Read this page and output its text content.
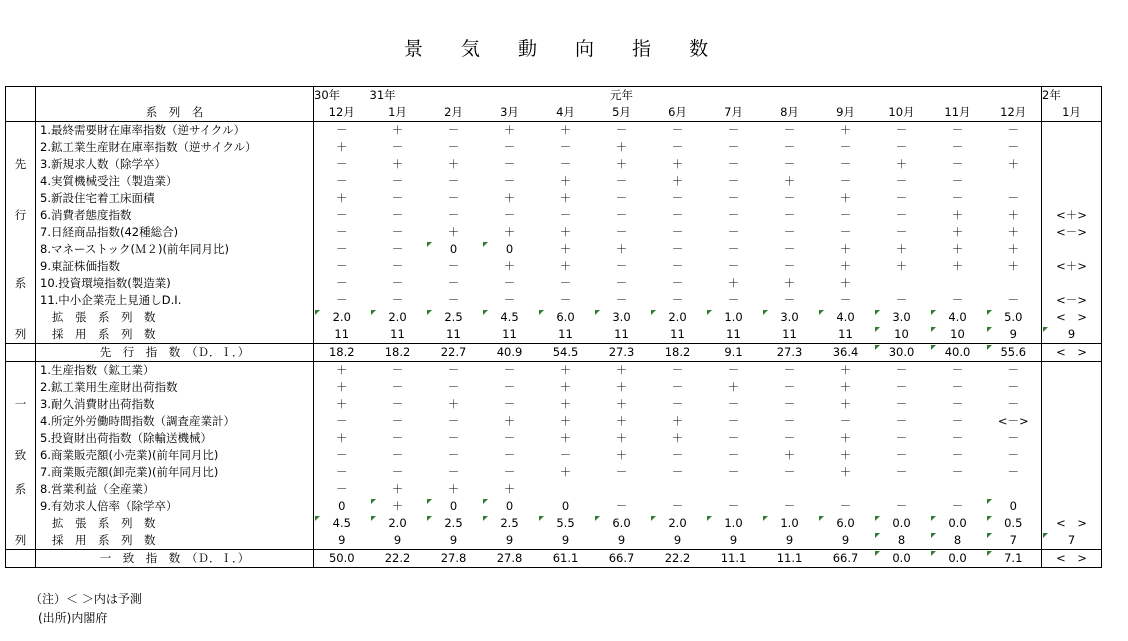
景 気 動 向 指 数
		30年	31年				元年								2年
	系　列　名	12月	1月	2月	3月	4月	5月	6月	7月	8月	9月	10月	11月	12月	1月
	1.最終需要財在庫率指数（逆サイクル）	－	＋	－	＋	＋	－	－	－	－	＋	－	－	－	
	2.鉱工業生産財在庫率指数（逆サイクル）	＋	－	－	－	－	＋	－	－	－	－	－	－	－	
先	3.新規求人数（除学卒）	－	＋	＋	－	－	＋	＋	－	－	－	＋	－	＋	
	4.実質機械受注（製造業）	－	－	－	－	＋	－	＋	－	＋	－	－	－		
	5.新設住宅着工床面積	＋	－	－	＋	＋	－	－	－	－	＋	－	－	－	
行	6.消費者態度指数	－	－	－	－	－	－	－	－	－	－	－	＋	＋	<＋>
	7.日経商品指数(42種総合)	－	－	＋	＋	＋	－	－	－	－	－	－	＋	＋	<－>
	8.マネーストック(Ｍ２)(前年同月比)	－	－	0	0	＋	＋	－	－	－	＋	＋	＋	＋	
	9.東証株価指数	－	－	－	＋	＋	－	－	－	－	＋	＋	＋	＋	<＋>
系	10.投資環境指数(製造業)	－	－	－	－	－	－	－	＋	＋	＋				
	11.中小企業売上見通しD.I.	－	－	－	－	－	－	－	－	－	－	－	－	－	<－>
	拡　張　系　列　数	2.0	2.0	2.5	4.5	6.0	3.0	2.0	1.0	3.0	4.0	3.0	4.0	5.0	<　>
列	採　用　系　列　数	11	11	11	11	11	11	11	11	11	11	10	10	9	9
	先　行　指　数　（Ｄ．Ｉ．）	18.2	18.2	22.7	40.9	54.5	27.3	18.2	9.1	27.3	36.4	30.0	40.0	55.6	<　>
	1.生産指数（鉱工業）	＋	－	－	－	＋	＋	－	－	－	＋	－	－	－	
	2.鉱工業用生産財出荷指数	＋	－	－	－	＋	＋	－	＋	－	＋	－	－	－	
一	3.耐久消費財出荷指数	＋	－	＋	－	＋	＋	－	－	－	＋	－	－	－	
	4.所定外労働時間指数（調査産業計）	－	－	－	＋	＋	＋	＋	－	－	－	－	－	<－>	
	5.投資財出荷指数（除輸送機械）	＋	－	－	－	＋	＋	＋	－	－	＋	－	－	－	
致	6.商業販売額(小売業)(前年同月比)	－	－	－	－	－	＋	－	－	＋	＋	－	－	－	
	7.商業販売額(卸売業)(前年同月比)	－	－	－	－	＋	－	－	－	－	＋	－	－	－	
系	8.営業利益（全産業）	－	＋	＋	＋										
	9.有効求人倍率（除学卒）	0	＋	0	0	0	－	－	－	－	－	－	－	0	
	拡　張　系　列　数	4.5	2.0	2.5	2.5	5.5	6.0	2.0	1.0	1.0	6.0	0.0	0.0	0.5	<　>
列	採　用　系　列　数	9	9	9	9	9	9	9	9	9	9	8	8	7	7
	一　致　指　数　（Ｄ．Ｉ．）	50.0	22.2	27.8	27.8	61.1	66.7	22.2	11.1	11.1	66.7	0.0	0.0	7.1	<　>
（注）＜ ＞内は予測
(出所)内閣府
